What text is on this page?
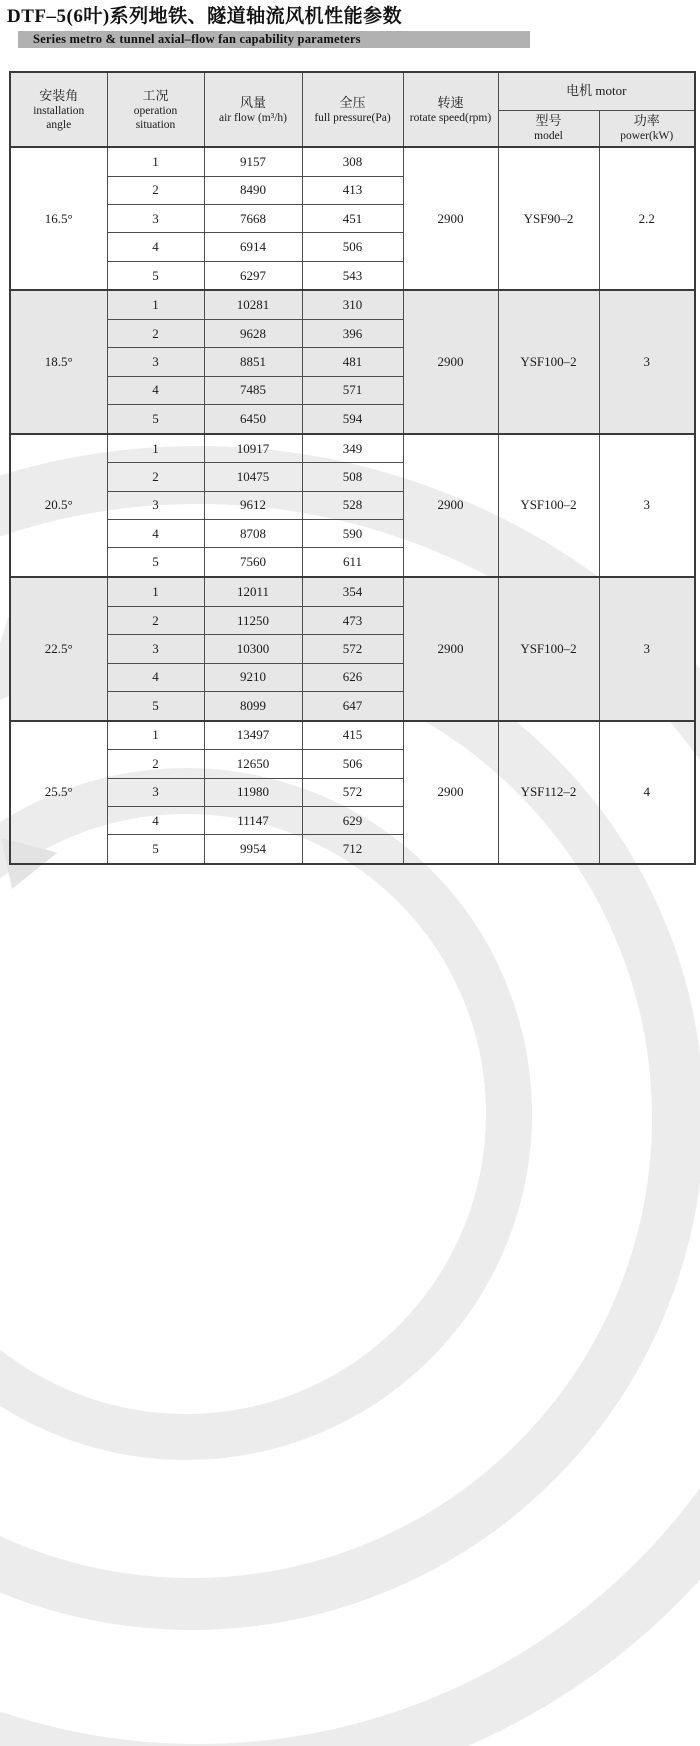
DTF–5(6叶)系列地铁、隧道轴流风机性能参数
Series metro & tunnel axial–flow fan capability parameters
安装角
installation
angle

工况
operation
situation

风量
air flow (m³/h)

全压
full pressure(Pa)

转速
rotate speed(rpm)

电机 motor

型号
model

功率
power(kW)

16.5°	1	9157	308	2900	YSF90–2	2.2
	2	8490	413			
	3	7668	451			
	4	6914	506			
	5	6297	543			
18.5°	1	10281	310	2900	YSF100–2	3
	2	9628	396			
	3	8851	481			
	4	7485	571			
	5	6450	594			
20.5°	1	10917	349	2900	YSF100–2	3
	2	10475	508			
	3	9612	528			
	4	8708	590			
	5	7560	611			
22.5°	1	12011	354	2900	YSF100–2	3
	2	11250	473			
	3	10300	572			
	4	9210	626			
	5	8099	647			
25.5°	1	13497	415	2900	YSF112–2	4
	2	12650	506			
	3	11980	572			
	4	11147	629			
	5	9954	712			
